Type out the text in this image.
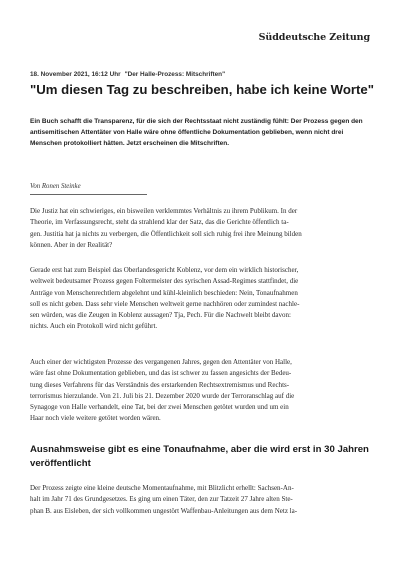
Süddeutsche Zeitung
18. November 2021, 16:12 Uhr "Der Halle-Prozess: Mitschriften"
"Um diesen Tag zu beschreiben, habe ich keine Worte"
Ein Buch schafft die Transparenz, für die sich der Rechtsstaat nicht zuständig fühlt: Der Prozess gegen den antisemitischen Attentäter von Halle wäre ohne öffentliche Dokumentation geblieben, wenn nicht drei Menschen protokolliert hätten. Jetzt erscheinen die Mitschriften.
Von Ronen Steinke
Die Justiz hat ein schwieriges, ein bisweilen verklemmtes Verhältnis zu ihrem Publikum. In der
Theorie, im Verfassungsrecht, steht da strahlend klar der Satz, das die Gerichte öffentlich ta-
gen. Justitia hat ja nichts zu verbergen, die Öffentlichkeit soll sich ruhig frei ihre Meinung bilden
können. Aber in der Realität?
Gerade erst hat zum Beispiel das Oberlandesgericht Koblenz, vor dem ein wirklich historischer,
weltweit bedeutsamer Prozess gegen Foltermeister des syrischen Assad-Regimes stattfindet, die
Anträge von Menschenrechtlern abgelehnt und kühl-kleinlich beschieden: Nein, Tonaufnahmen
soll es nicht geben. Dass sehr viele Menschen weltweit gerne nachhören oder zumindest nachle-
sen würden, was die Zeugen in Koblenz aussagen? Tja, Pech. Für die Nachwelt bleibt davon:
nichts. Auch ein Protokoll wird nicht geführt.
Auch einer der wichtigsten Prozesse des vergangenen Jahres, gegen den Attentäter von Halle,
wäre fast ohne Dokumentation geblieben, und das ist schwer zu fassen angesichts der Bedeu-
tung dieses Verfahrens für das Verständnis des erstarkenden Rechtsextremismus und Rechts-
terrorismus hierzulande. Von 21. Juli bis 21. Dezember 2020 wurde der Terroranschlag auf die
Synagoge von Halle verhandelt, eine Tat, bei der zwei Menschen getötet wurden und um ein
Haar noch viele weitere getötet worden wären.
Ausnahmsweise gibt es eine Tonaufnahme, aber die wird erst in 30 Jahren veröffentlicht
Der Prozess zeigte eine kleine deutsche Momentaufnahme, mit Blitzlicht erhellt: Sachsen-An-
halt im Jahr 71 des Grundgesetzes. Es ging um einen Täter, den zur Tatzeit 27 Jahre alten Ste-
phan B. aus Eisleben, der sich vollkommen ungestört Waffenbau-Anleitungen aus dem Netz la-
